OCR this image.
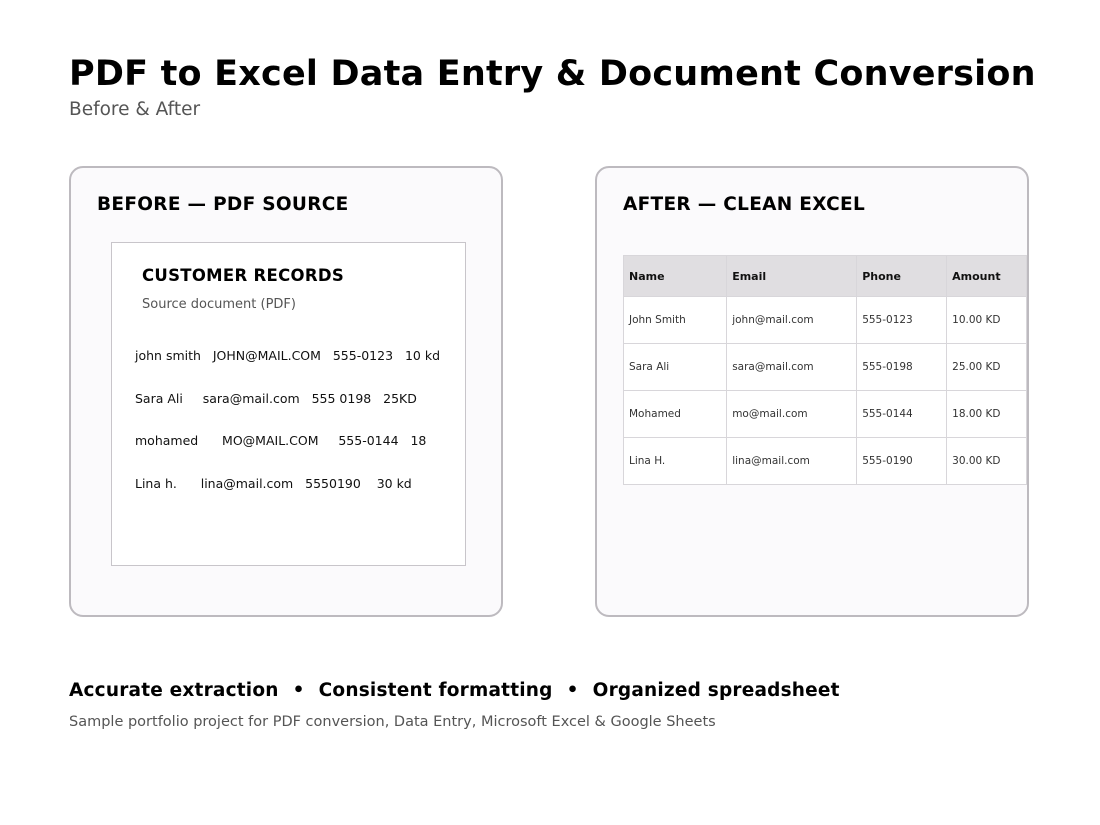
PDF to Excel Data Entry & Document Conversion
Before & After
BEFORE — PDF SOURCE
CUSTOMER RECORDS
Source document (PDF)
john smith   JOHN@MAIL.COM   555-0123   10 kd
Sara Ali     sara@mail.com   555 0198   25KD
mohamed      MO@MAIL.COM     555-0144   18
Lina h.      lina@mail.com   5550190    30 kd
AFTER — CLEAN EXCEL
Name	Email	Phone	Amount
John Smith	john@mail.com	555-0123	10.00 KD
Sara Ali	sara@mail.com	555-0198	25.00 KD
Mohamed	mo@mail.com	555-0144	18.00 KD
Lina H.	lina@mail.com	555-0190	30.00 KD
Accurate extraction • Consistent formatting • Organized spreadsheet
Sample portfolio project for PDF conversion, Data Entry, Microsoft Excel & Google Sheets
